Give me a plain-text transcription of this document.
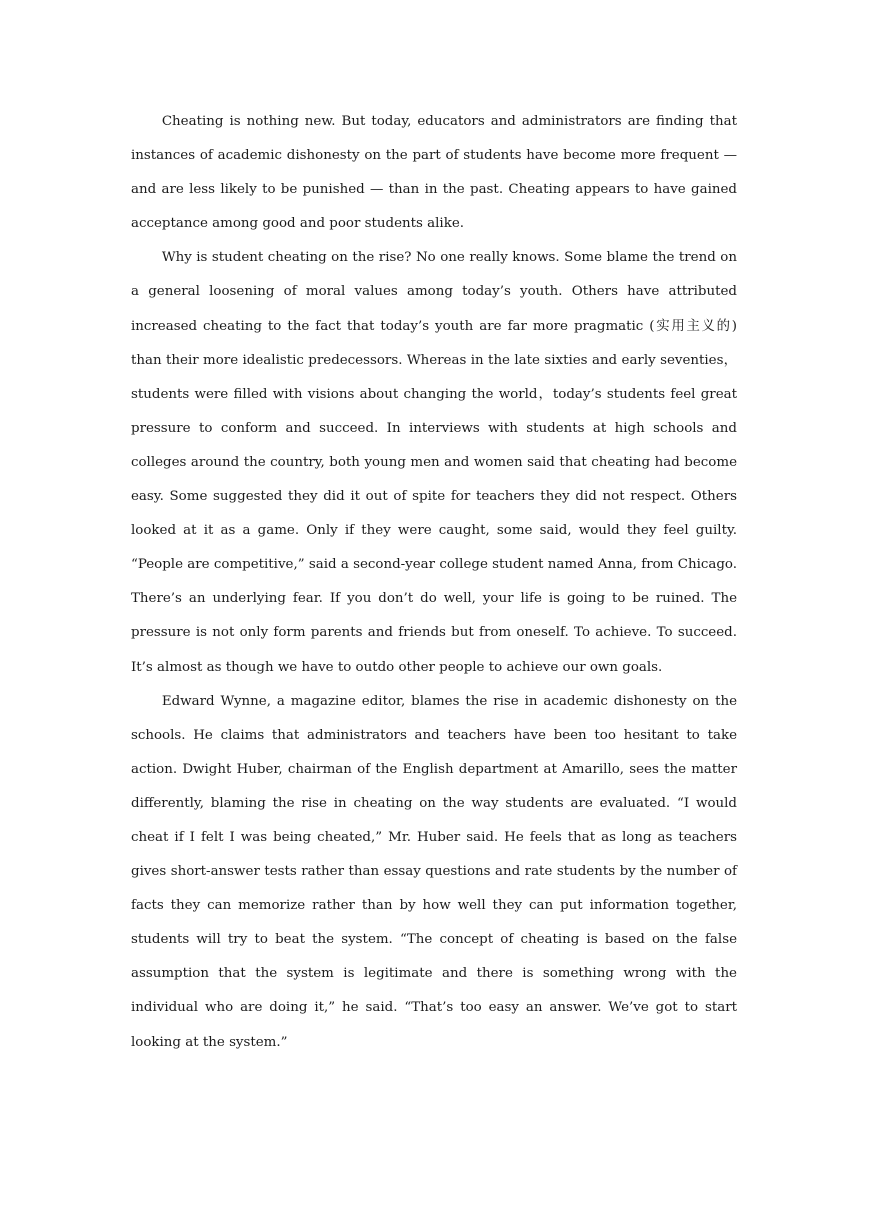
Cheating is nothing new. But today, educators and administrators are finding that instances of academic dishonesty on the part of students have become more frequent — and are less likely to be punished — than in the past. Cheating appears to have gained acceptance among good and poor students alike.

Why is student cheating on the rise? No one really knows. Some blame the trend on a general loosening of moral values among today’s youth. Others have attributed increased cheating to the fact that today’s youth are far more pragmatic (实用主义的) than their more idealistic predecessors. Whereas in the late sixties and early seventies，students were filled with visions about changing the world，today’s students feel great pressure to conform and succeed. In interviews with students at high schools and colleges around the country, both young men and women said that cheating had become easy. Some suggested they did it out of spite for teachers they did not respect. Others looked at it as a game. Only if they were caught, some said, would they feel guilty. “People are competitive,” said a second-year college student named Anna, from Chicago. There’s an underlying fear. If you don’t do well, your life is going to be ruined. The pressure is not only form parents and friends but from oneself. To achieve. To succeed. It’s almost as though we have to outdo other people to achieve our own goals.

Edward Wynne, a magazine editor, blames the rise in academic dishonesty on the schools. He claims that administrators and teachers have been too hesitant to take action. Dwight Huber, chairman of the English department at Amarillo, sees the matter differently, blaming the rise in cheating on the way students are evaluated. “I would cheat if I felt I was being cheated,” Mr. Huber said. He feels that as long as teachers gives short-answer tests rather than essay questions and rate students by the number of facts they can memorize rather than by how well they can put information together, students will try to beat the system. “The concept of cheating is based on the false assumption that the system is legitimate and there is something wrong with the individual who are doing it,” he said. “That’s too easy an answer. We’ve got to start looking at the system.”
